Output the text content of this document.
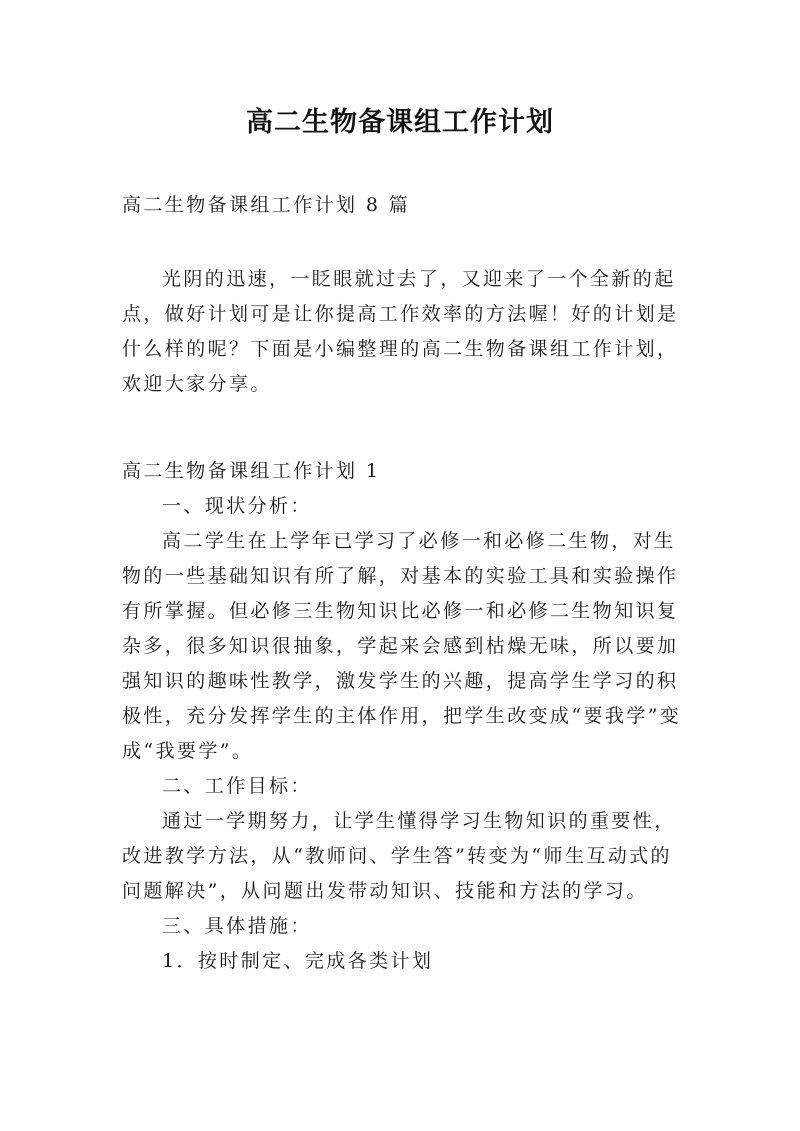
高二生物备课组工作计划
高二生物备课组工作计划 8 篇
光阴的迅速，一眨眼就过去了，又迎来了一个全新的起点，做好计划可是让你提高工作效率的方法喔！好的计划是什么样的呢？下面是小编整理的高二生物备课组工作计划，欢迎大家分享。
高二生物备课组工作计划 1

一、现状分析：

高二学生在上学年已学习了必修一和必修二生物，对生物的一些基础知识有所了解，对基本的实验工具和实验操作有所掌握。但必修三生物知识比必修一和必修二生物知识复杂多，很多知识很抽象，学起来会感到枯燥无味，所以要加强知识的趣味性教学，激发学生的兴趣，提高学生学习的积极性，充分发挥学生的主体作用，把学生改变成“要我学”变成“我要学”。

二、工作目标：

通过一学期努力，让学生懂得学习生物知识的重要性，改进教学方法，从“教师问、学生答”转变为“师生互动式的问题解决”，从问题出发带动知识、技能和方法的学习。

三、具体措施：

1．按时制定、完成各类计划
